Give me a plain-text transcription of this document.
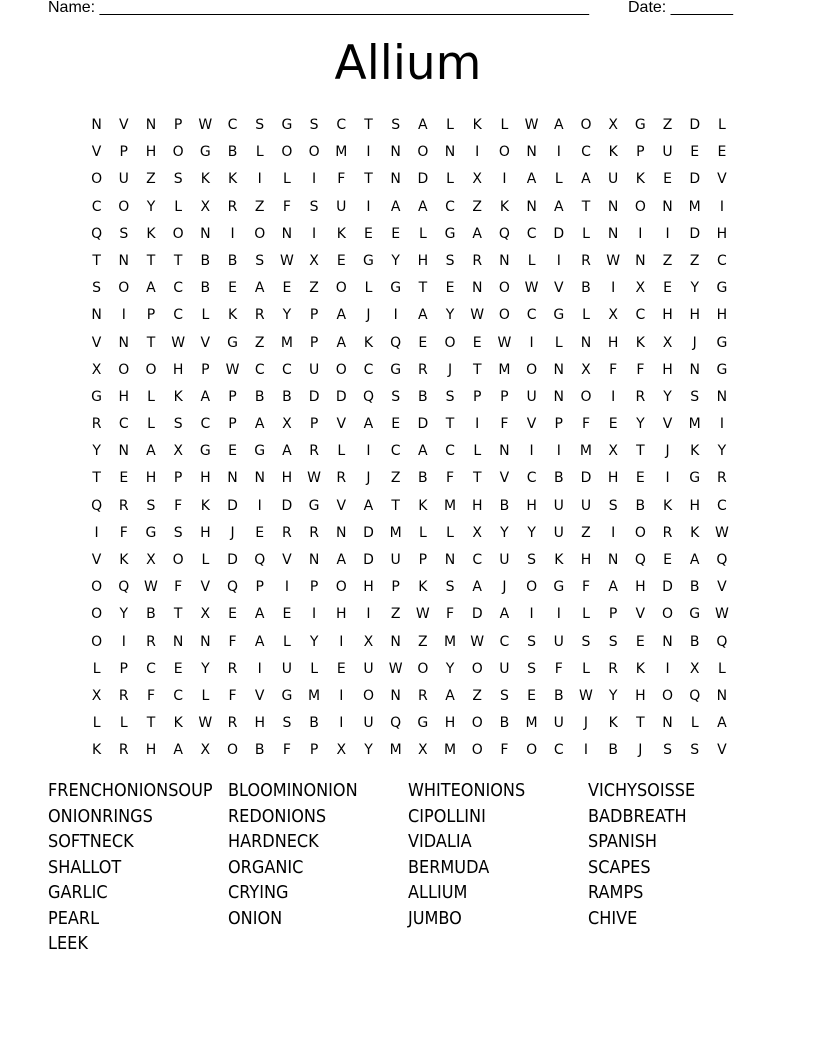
Name: _______________________________________________________ Date: _______
Allium
N	V	N	P	W	C	S	G	S	C	T	S	A	L	K	L	W	A	O	X	G	Z	D	L
V	P	H	O	G	B	L	O	O	M	I	N	O	N	I	O	N	I	C	K	P	U	E	E
O	U	Z	S	K	K	I	L	I	F	T	N	D	L	X	I	A	L	A	U	K	E	D	V
C	O	Y	L	X	R	Z	F	S	U	I	A	A	C	Z	K	N	A	T	N	O	N	M	I
Q	S	K	O	N	I	O	N	I	K	E	E	L	G	A	Q	C	D	L	N	I	I	D	H
T	N	T	T	B	B	S	W	X	E	G	Y	H	S	R	N	L	I	R	W	N	Z	Z	C
S	O	A	C	B	E	A	E	Z	O	L	G	T	E	N	O	W	V	B	I	X	E	Y	G
N	I	P	C	L	K	R	Y	P	A	J	I	A	Y	W	O	C	G	L	X	C	H	H	H
V	N	T	W	V	G	Z	M	P	A	K	Q	E	O	E	W	I	L	N	H	K	X	J	G
X	O	O	H	P	W	C	C	U	O	C	G	R	J	T	M	O	N	X	F	F	H	N	G
G	H	L	K	A	P	B	B	D	D	Q	S	B	S	P	P	U	N	O	I	R	Y	S	N
R	C	L	S	C	P	A	X	P	V	A	E	D	T	I	F	V	P	F	E	Y	V	M	I
Y	N	A	X	G	E	G	A	R	L	I	C	A	C	L	N	I	I	M	X	T	J	K	Y
T	E	H	P	H	N	N	H	W	R	J	Z	B	F	T	V	C	B	D	H	E	I	G	R
Q	R	S	F	K	D	I	D	G	V	A	T	K	M	H	B	H	U	U	S	B	K	H	C
I	F	G	S	H	J	E	R	R	N	D	M	L	L	X	Y	Y	U	Z	I	O	R	K	W
V	K	X	O	L	D	Q	V	N	A	D	U	P	N	C	U	S	K	H	N	Q	E	A	Q
O	Q	W	F	V	Q	P	I	P	O	H	P	K	S	A	J	O	G	F	A	H	D	B	V
O	Y	B	T	X	E	A	E	I	H	I	Z	W	F	D	A	I	I	L	P	V	O	G	W
O	I	R	N	N	F	A	L	Y	I	X	N	Z	M	W	C	S	U	S	S	E	N	B	Q
L	P	C	E	Y	R	I	U	L	E	U	W	O	Y	O	U	S	F	L	R	K	I	X	L
X	R	F	C	L	F	V	G	M	I	O	N	R	A	Z	S	E	B	W	Y	H	O	Q	N
L	L	T	K	W	R	H	S	B	I	U	Q	G	H	O	B	M	U	J	K	T	N	L	A
K	R	H	A	X	O	B	F	P	X	Y	M	X	M	O	F	O	C	I	B	J	S	S	V
FRENCHONIONSOUP BLOOMINONION	WHITEONIONS	VICHYSOISSE
ONIONRINGS	REDONIONS	CIPOLLINI	BADBREATH
SOFTNECK	HARDNECK	VIDALIA	SPANISH
SHALLOT	ORGANIC	BERMUDA	SCAPES
GARLIC	CRYING	ALLIUM	RAMPS
PEARL	ONION	JUMBO	CHIVE
LEEK
